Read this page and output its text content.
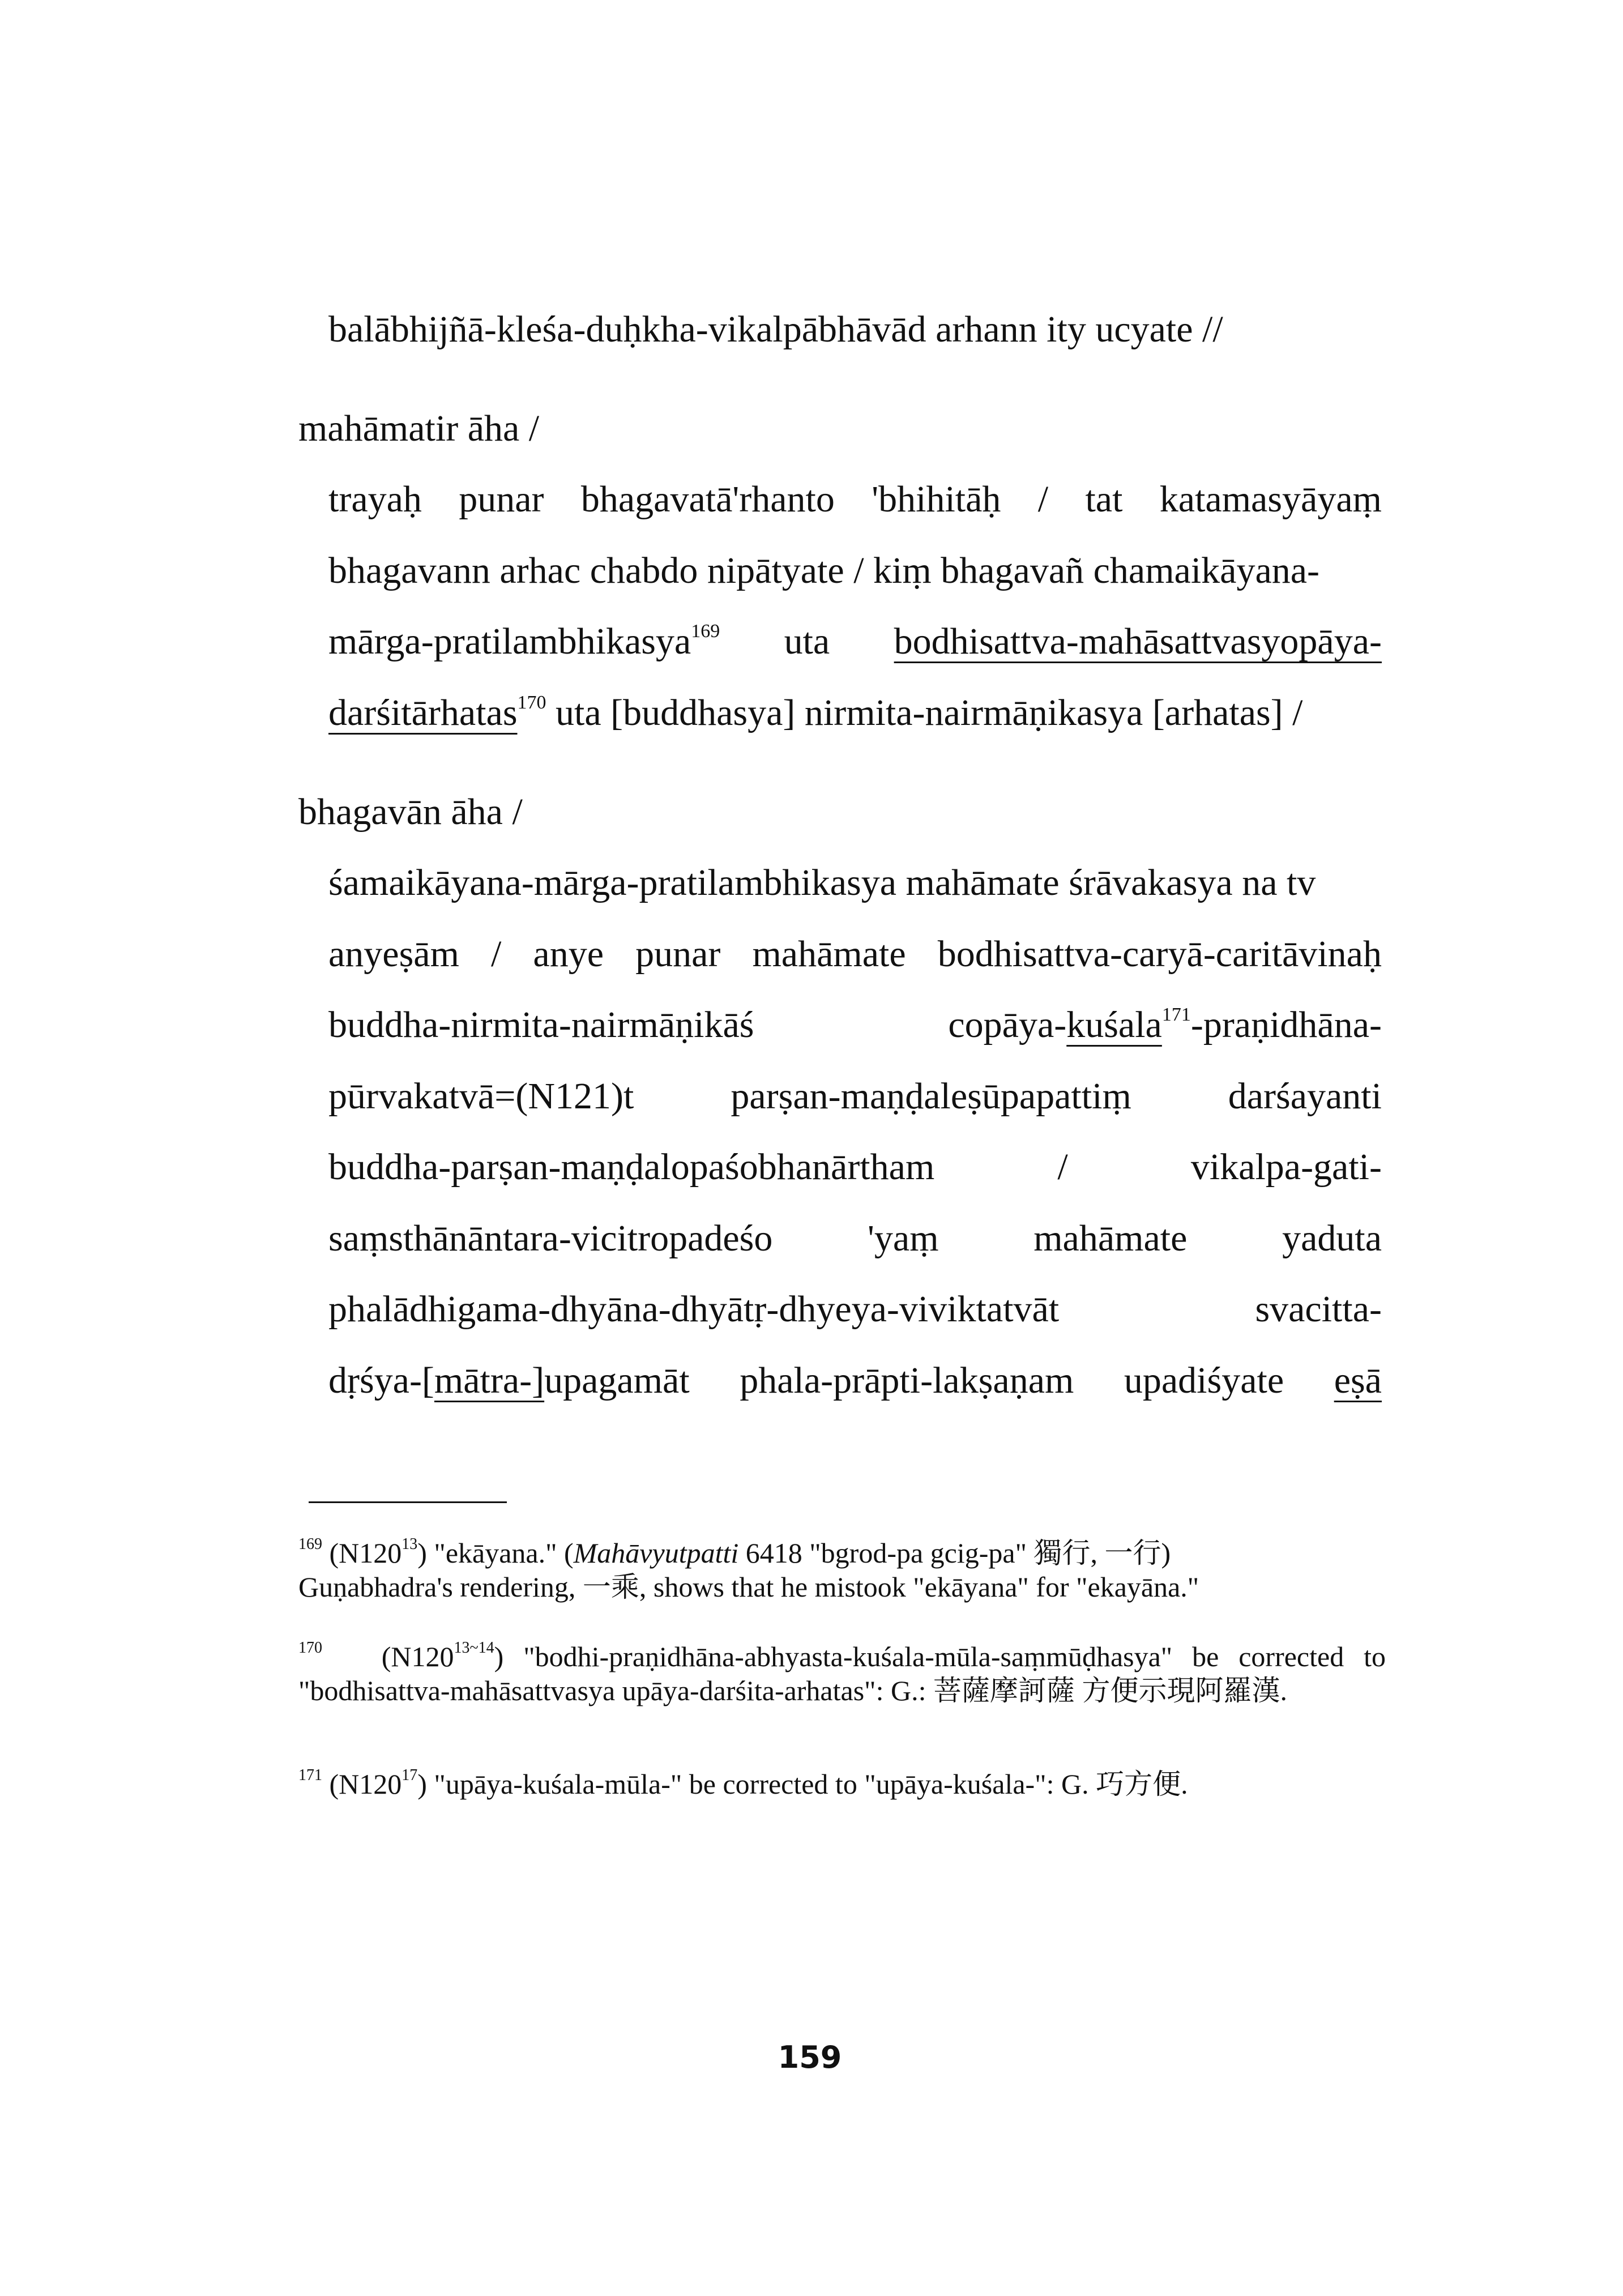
balābhijñā-kleśa-duḥkha-vikalpābhāvād arhann ity ucyate //
mahāmatir āha /
trayaḥ punar bhagavatā'rhanto 'bhihitāḥ / tat katamasyāyaṃ
bhagavann arhac chabdo nipātyate / kiṃ bhagavañ chamaikāyana-
mārga-pratilambhikasya$^{169}$ uta bodhisattva-mahāsattvasyopāya-
darśitārhatas$^{170}$ uta [buddhasya] nirmita-nairmāṇikasya [arhatas] /
bhagavān āha /
śamaikāyana-mārga-pratilambhikasya mahāmate śrāvakasya na tv
anyeṣām / anye punar mahāmate bodhisattva-caryā-caritāvinaḥ
buddha-nirmita-nairmāṇikāś	copāya-kuśala$^{171}$-praṇidhāna-
pūrvakatvā=(N121)t	parṣan-maṇḍaleṣūpapattiṃ	darśayanti
buddha-parṣan-maṇḍalopaśobhanārtham	/	vikalpa-gati-
saṃsthānāntara-vicitropadeśo	'yaṃ	mahāmate	yaduta
phalādhigama-dhyāna-dhyātṛ-dhyeya-viviktatvāt	svacitta-
dṛśya-[mātra-]upagamāt phala-prāpti-lakṣaṇam upadiśyate eṣā
$^{169}$ $(N120^{13})$ "ekāyana." (Mahāvyutpatti 6418 "bgrod-pa gcig-pa" 獨行, 一行)
Guṇabhadra's rendering, 一乘, shows that he mistook "ekāyana" for "ekayāna."
$^{170}$ $(N120^{13\sim 14})$ "bodhi-praṇidhāna-abhyasta-kuśala-mūla-saṃmūḍhasya" be corrected to "bodhisattva-mahāsattvasya upāya-darśita-arhatas": G.: 菩薩摩訶薩 方便示現阿羅漢.
$^{171}$ $(N120^{17})$ "upāya-kuśala-mūla-" be corrected to "upāya-kuśala-": G. 巧方便.
159
